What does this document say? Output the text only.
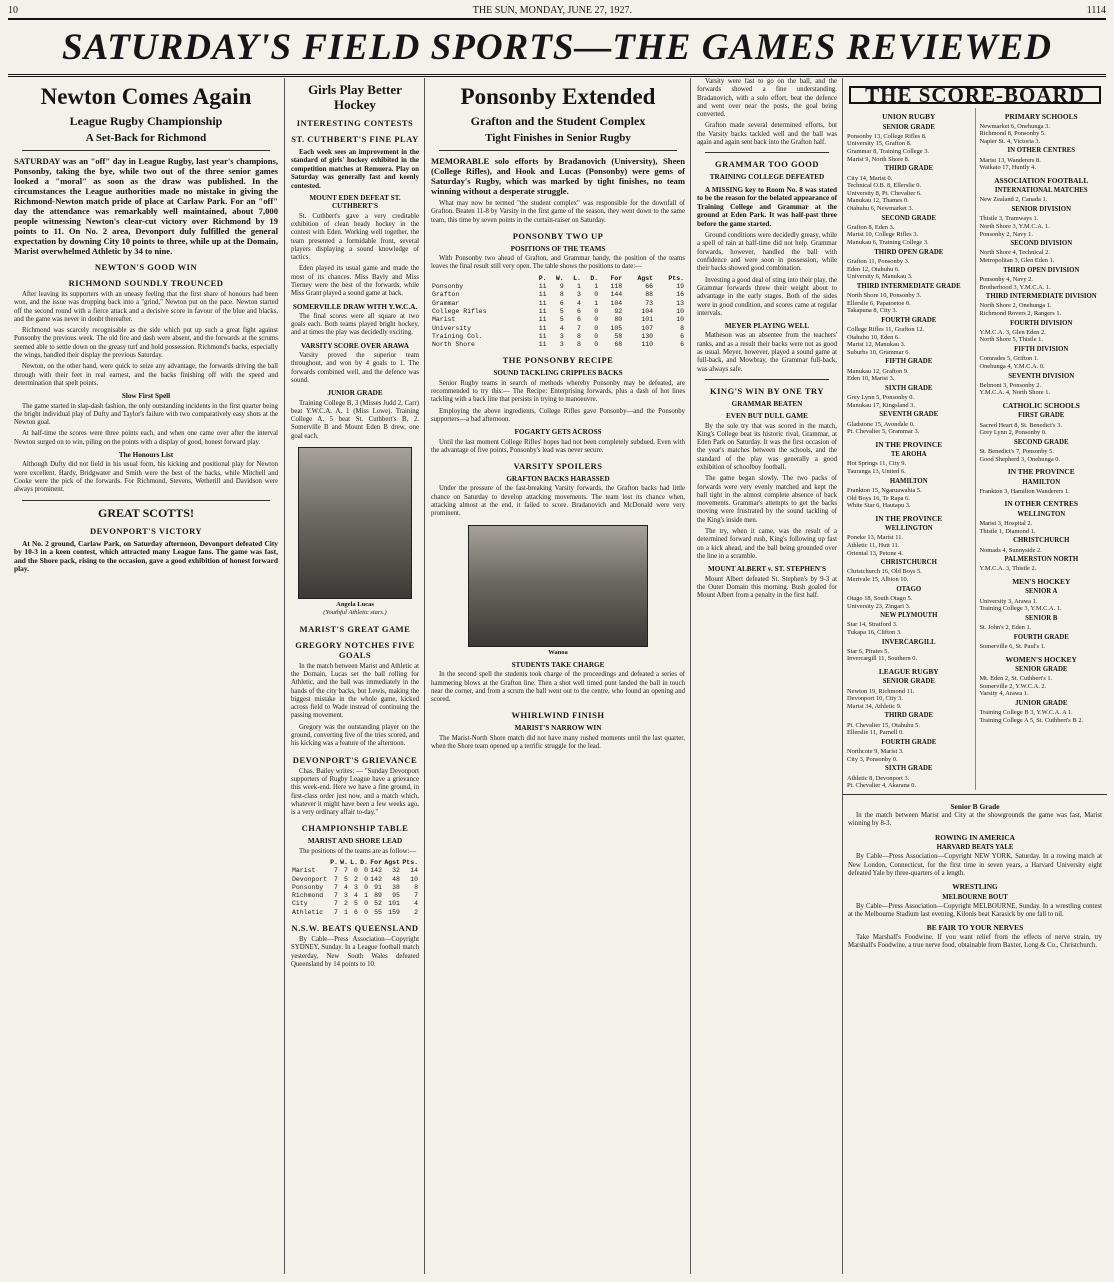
10	THE SUN, MONDAY, JUNE 27, 1927.	1114
SATURDAY'S FIELD SPORTS—THE GAMES REVIEWED
Newton Comes Again
League Rugby Championship
A Set-Back for Richmond
SATURDAY was an "off" day in League Rugby, last year's champions, Ponsonby, taking the bye, while two out of the three senior games looked a "moral" as soon as the draw was published. In the circumstances the League authorities made no mistake in giving the Richmond-Newton match pride of place at Carlaw Park. For an "off" day the attendance was remarkably well maintained, about 7,000 people witnessing Newton's clear-cut victory over Richmond by 19 points to 11. On No. 2 area, Devonport duly fulfilled the general expectation by downing City 10 points to three, while up at the Domain, Marist overwhelmed Athletic by 34 to nine.
NEWTON'S GOOD WIN
RICHMOND SOUNDLY TROUNCED

After leaving its supporters with an uneasy feeling that the first share of honours had been won, and the issue was dropping back into a "grind," Newton put on the pace. Newton started off the second round with a fierce attack and a decisive score in favour of the blue and blacks, and the game was never in doubt thereafter.

Richmond was scarcely recognisable as the side which put up such a great fight against Ponsonby the previous week. The old fire and dash were absent, and the forwards at the scrums seemed able to settle down on the greasy turf and hold possession. Richmond's backs, especially the wings, handled their display the previous Saturday.

Newton, on the other hand, were quick to seize any advantage, the forwards driving the ball through with their feet in real earnest, and the backs finishing off with the speed and determination that spelt points.

Slow First Spell

The game started in slap-dash fashion, the only outstanding incidents in the first quarter being the bright individual play of Dufty and Taylor's failure with two comparatively easy shots at the Newton goal.

At half-time the scores were three points each, and when one came over after the interval Newton surged on to win, piling on the points with a display of good, honest forward play.

The Honours List

Although Dufty did not field in his usual form, his kicking and positional play for Newton were excellent. Hardy, Bridgwater and Smith were the best of the backs, while Mitchell and Cooke were the pick of the forwards. For Richmond, Stevens, Wetherill and Davidson were always prominent.

GREAT SCOTTS!
DEVONPORT'S VICTORY

At No. 2 ground, Carlaw Park, on Saturday afternoon, Devonport defeated City by 10-3 in a keen contest, which attracted many League fans. The game was fast, and the Shore pack, rising to the occasion, gave a good exhibition of honest forward play.

Girls Play Better Hockey
INTERESTING CONTESTS
ST. CUTHBERT'S FINE PLAY

Each week sees an improvement in the standard of girls' hockey exhibited in the competition matches at Remuera. Play on Saturday was generally fast and keenly contested.

MOUNT EDEN DEFEAT ST. CUTHBERT'S

St. Cuthbert's gave a very creditable exhibition of clean heady hockey in the contest with Eden. Working well together, the team presented a formidable front, several players displaying a sound knowledge of tactics.

Eden played its usual game and made the most of its chances. Miss Bayly and Miss Tierney were the best of the forwards, while Miss Grant played a sound game at back.

SOMERVILLE DRAW WITH Y.W.C.A.

The final scores were all square at two goals each. Both teams played bright hockey, and at times the play was decidedly exciting.

VARSITY SCORE OVER ARAWA

Varsity proved the superior team throughout, and won by 4 goals to 1. The forwards combined well, and the defence was sound.

JUNIOR GRADE

Training College B, 3 (Misses Judd 2, Carr) beat Y.W.C.A. A, 1 (Miss Lowe). Training College A, 5 beat St. Cuthbert's B, 2. Somerville B and Mount Eden B drew, one goal each.

Angela Lucas
(Youthful Athletic stars.)
MARIST'S GREAT GAME
GREGORY NOTCHES FIVE GOALS

In the match between Marist and Athletic at the Domain, Lucas set the ball rolling for Athletic, and the ball was immediately in the hands of the city backs, but Lewis, making the biggest mistake in the whole game, kicked across field to Wade instead of continuing the passing movement.

Gregory was the outstanding player on the ground, converting five of the tries scored, and his kicking was a feature of the afternoon.

DEVONPORT'S GRIEVANCE

Chas. Bailey writes: — "Sunday Devonport supporters of Rugby League have a grievance this week-end. Here we have a fine ground, in first-class order just now, and a match which, whatever it might have been a few weeks ago, is a very ordinary affair to-day."

CHAMPIONSHIP TABLE
MARIST AND SHORE LEAD

The positions of the teams are as follow:—

	P.	W.	L.	D.	For	Agst	Pts.
Marist	7	7	0	0	142	32	14
Devonport	7	5	2	0	142	48	10
Ponsonby	7	4	3	0	91	38	8
Richmond	7	3	4	1	89	95	7
City	7	2	5	0	52	101	4
Athletic	7	1	6	0	55	159	2
N.S.W. BEATS QUEENSLAND

By Cable—Press Association—Copyright SYDNEY, Sunday. In a League football match yesterday, New South Wales defeated Queensland by 14 points to 10.

Ponsonby Extended
Grafton and the Student Complex
Tight Finishes in Senior Rugby
MEMORABLE solo efforts by Bradanovich (University), Sheen (College Rifles), and Hook and Lucas (Ponsonby) were gems of Saturday's Rugby, which was marked by tight finishes, no team winning without a desperate struggle.

What may now be termed "the student complex" was responsible for the downfall of Grafton. Beaten 11-8 by Varsity in the first game of the season, they went down to the same team, this time by seven points in the curtain-raiser on Saturday.

PONSONBY TWO UP
POSITIONS OF THE TEAMS

With Ponsonby two ahead of Grafton, and Grammar handy, the position of the teams leaves the final result still very open. The table shows the positions to date:—

	P.	W.	L.	D.	For	Agst	Pts.
Ponsonby	11	9	1	1	118	66	19
Grafton	11	8	3	0	144	88	16
Grammar	11	6	4	1	104	73	13
College Rifles	11	5	6	0	92	104	10
Marist	11	5	6	0	80	101	10
University	11	4	7	0	105	107	8
Training Col.	11	3	8	0	58	130	6
North Shore	11	3	8	0	68	110	6
THE PONSONBY RECIPE
SOUND TACKLING CRIPPLES BACKS

Senior Rugby teams in search of methods whereby Ponsonby may be defeated, are recommended to try this:— The Recipe: Enterprising forwards, plus a dash of hot lines tackling with a back line that persists in trying to manoeuvre.

Employing the above ingredients, College Rifles gave Ponsonby—and the Ponsonby supporters—a bad afternoon.

FOGARTY GETS ACROSS

Until the last moment College Rifles' hopes had not been completely subdued. Even with the advantage of five points, Ponsonby's lead was never secure.

VARSITY SPOILERS
GRAFTON BACKS HARASSED

Under the pressure of the fast-breaking Varsity forwards, the Grafton backs had little chance on Saturday to develop attacking movements. The team lost its chance when, attacking almost at the end, it failed to score. Bradanovich and McDonald were very prominent.

Wanoa
STUDENTS TAKE CHARGE

In the second spell the students took charge of the proceedings and defeated a series of hammering blows at the Grafton line. Then a shot well timed punt landed the ball in touch near the corner, and from a scrum the ball went out to the centre, who found an opening and scored.

WHIRLWIND FINISH
MARIST'S NARROW WIN

The Marist-North Shore match did not have many rushed moments until the last quarter, when the Shore team opened up a terrific struggle for the lead.

Varsity were fast to go on the ball, and the forwards showed a fine understanding. Bradanovich, with a solo effort, beat the defence and went over near the posts, the goal being converted.

Grafton made several determined efforts, but the Varsity backs tackled well and the ball was again and again sent back into the Grafton half.

GRAMMAR TOO GOOD
TRAINING COLLEGE DEFEATED

A MISSING key to Room No. 8 was stated to be the reason for the belated appearance of Training College and Grammar at the ground at Eden Park. It was half-past three before the game started.

Ground conditions were decidedly greasy, while a spell of rain at half-time did not help. Grammar forwards, however, handled the ball with confidence and were soon in possession, while their backs showed good combination.

Investing a good deal of sting into their play, the Grammar forwards threw their weight about to advantage in the early stages. Both of the sides were in good condition, and scores came at regular intervals.

MEYER PLAYING WELL

Matheson was an absentee from the teachers' ranks, and as a result their backs were not as good as usual. Meyer, however, played a sound game at full-back, and Mowbray, the Grammar full-back, was always safe.

KING'S WIN BY ONE TRY
GRAMMAR BEATEN
EVEN BUT DULL GAME

By the sole try that was scored in the match, King's College beat its historic rival, Grammar, at Eden Park on Saturday. It was the first occasion of the year's matches between the schools, and the standard of the play was generally a good exhibition of schoolboy football.

The game began slowly. The two packs of forwards were very evenly matched and kept the ball tight in the almost complete absence of back movements. Grammar's attempts to get the backs moving were frustrated by the sound tackling of the King's inside men.

The try, when it came, was the result of a determined forward rush, King's following up fast on a kick ahead, and the ball being grounded over the line in a scramble.

MOUNT ALBERT v. ST. STEPHEN'S

Mount Albert defeated St. Stephen's by 9-3 at the Outer Domain this morning. Bush goaled for Mount Albert from a penalty in the first half.

THE SCORE-BOARD
UNION RUGBY
SENIOR GRADE
Ponsonby 13, College Rifles 8.
University 15, Grafton 8.
Grammar 8, Training College 3.
Marist 9, North Shore 8.
THIRD GRADE
City 14, Marist 0.
Technical O.B. 8, Ellerslie 0.
University 8, Pt. Chevalier 6.
Manukau 12, Thames 0.
Otahuhu 6, Newmarket 3.
SECOND GRADE
Grafton 8, Eden 3.
Marist 10, College Rifles 3.
Manukau 6, Training College 3.
THIRD OPEN GRADE
Grafton 11, Ponsonby 3.
Eden 12, Otahuhu 6.
University 6, Manukau 3.
THIRD INTERMEDIATE GRADE
North Shore 10, Ponsonby 3.
Ellerslie 6, Papatoetoe 0.
Takapuna 8, City 3.
FOURTH GRADE
College Rifles 11, Grafton 12.
Otahuhu 10, Eden 6.
Marist 12, Manukau 3.
Suburbs 10, Grammar 6.
FIFTH GRADE
Manukau 12, Grafton 9.
Eden 10, Marist 3.
SIXTH GRADE
Grey Lynn 5, Ponsonby 0.
Manukau 17, Kingsland 3.
SEVENTH GRADE
Gladstone 15, Avondale 0.
Pt. Chevalier 5, Grammar 3.
IN THE PROVINCE
TE AROHA
Hot Springs 11, City 9.
Tauranga 13, United 6.
HAMILTON
Frankton 15, Ngaruawahia 5.
Old Boys 16, Te Rapa 6.
White Star 6, Hautapu 3.
IN THE PROVINCE
WELLINGTON
Poneke 13, Marist 11.
Athletic 11, Hutt 11.
Oriental 13, Petone 4.
CHRISTCHURCH
Christchurch 16, Old Boys 5.
Merivale 15, Albion 10.
OTAGO
Otago 18, South Otago 5.
University 23, Zingari 3.
NEW PLYMOUTH
Star 14, Stratford 3.
Tukapa 16, Clifton 3.
INVERCARGILL
Star 6, Pirates 5.
Invercargill 11, Southern 0.
LEAGUE RUGBY
SENIOR GRADE
Newton 19, Richmond 11.
Devonport 10, City 3.
Marist 34, Athletic 9.
THIRD GRADE
Pt. Chevalier 15, Otahuhu 5.
Ellerslie 11, Parnell 0.
FOURTH GRADE
Northcote 9, Marist 3.
City 3, Ponsonby 0.
SIXTH GRADE
Athletic 8, Devonport 3.
Pt. Chevalier 4, Akarana 0.
PRIMARY SCHOOLS
Newmarket 6, Onehunga 3.
Richmond 8, Ponsonby 5.
Napier St. 4, Victoria 3.
IN OTHER CENTRES
Marist 13, Wanderers 8.
Waikato 17, Huntly 4.
ASSOCIATION FOOTBALL
INTERNATIONAL MATCHES
New Zealand 2, Canada 1.
SENIOR DIVISION
Thistle 3, Tramways 1.
North Shore 3, Y.M.C.A. 1.
Ponsonby 2, Navy 1.
SECOND DIVISION
North Shore 4, Technical 2.
Metropolitan 3, Glen Eden 1.
THIRD OPEN DIVISION
Ponsonby 4, Navy 2.
Brotherhood 3, Y.M.C.A. 1.
THIRD INTERMEDIATE DIVISION
North Shore 2, Onehunga 1.
Richmond Rovers 2, Rangers 1.
FOURTH DIVISION
Y.M.C.A. 3, Glen Eden 2.
North Shore 5, Thistle 1.
FIFTH DIVISION
Comrades 5, Grifton 1.
Onehunga 4, Y.M.C.A. 0.
SEVENTH DIVISION
Belmont 3, Ponsonby 2.
Y.M.C.A. 4, North Shore 1.
CATHOLIC SCHOOLS
FIRST GRADE
Sacred Heart 8, St. Benedict's 3.
Grey Lynn 2, Ponsonby 0.
SECOND GRADE
St. Benedict's 7, Ponsonby 5.
Good Shepherd 3, Onehunga 0.
IN THE PROVINCE
HAMILTON
Frankton 3, Hamilton Wanderers 1.
IN OTHER CENTRES
WELLINGTON
Marist 3, Hospital 2.
Thistle 1, Diamond 1.
CHRISTCHURCH
Nomads 4, Sunnyside 2.
PALMERSTON NORTH
Y.M.C.A. 3, Thistle 2.
MEN'S HOCKEY
SENIOR A
University 3, Arawa 1.
Training College 3, Y.M.C.A. 1.
SENIOR B
St. John's 2, Eden 1.
FOURTH GRADE
Somerville 6, St. Paul's 1.
WOMEN'S HOCKEY
SENIOR GRADE
Mt. Eden 2, St. Cuthbert's 1.
Somerville 2, Y.W.C.A. 2.
Varsity 4, Arawa 1.
JUNIOR GRADE
Training College B 3, Y.W.C.A. A 1.
Training College A 5, St. Cuthbert's B 2.
Senior B Grade

In the match between Marist and City at the showgrounds the game was fast, Marist winning by 8-3.

ROWING IN AMERICA
HARVARD BEATS YALE

By Cable—Press Association—Copyright NEW YORK, Saturday. In a rowing match at New London, Connecticut, for the first time in seven years, a Harvard University eight defeated Yale by three-quarters of a length.

WRESTLING
MELBOURNE BOUT

By Cable—Press Association—Copyright MELBOURNE, Sunday. In a wrestling contest at the Melbourne Stadium last evening, Kilonis beat Karasick by one fall to nil.

BE FAIR TO YOUR NERVES

Take Marshall's Foodwine. If you want relief from the effects of nerve strain, try Marshall's Foodwine, a true nerve food, obtainable from Baxter, Long & Co., Christchurch.
